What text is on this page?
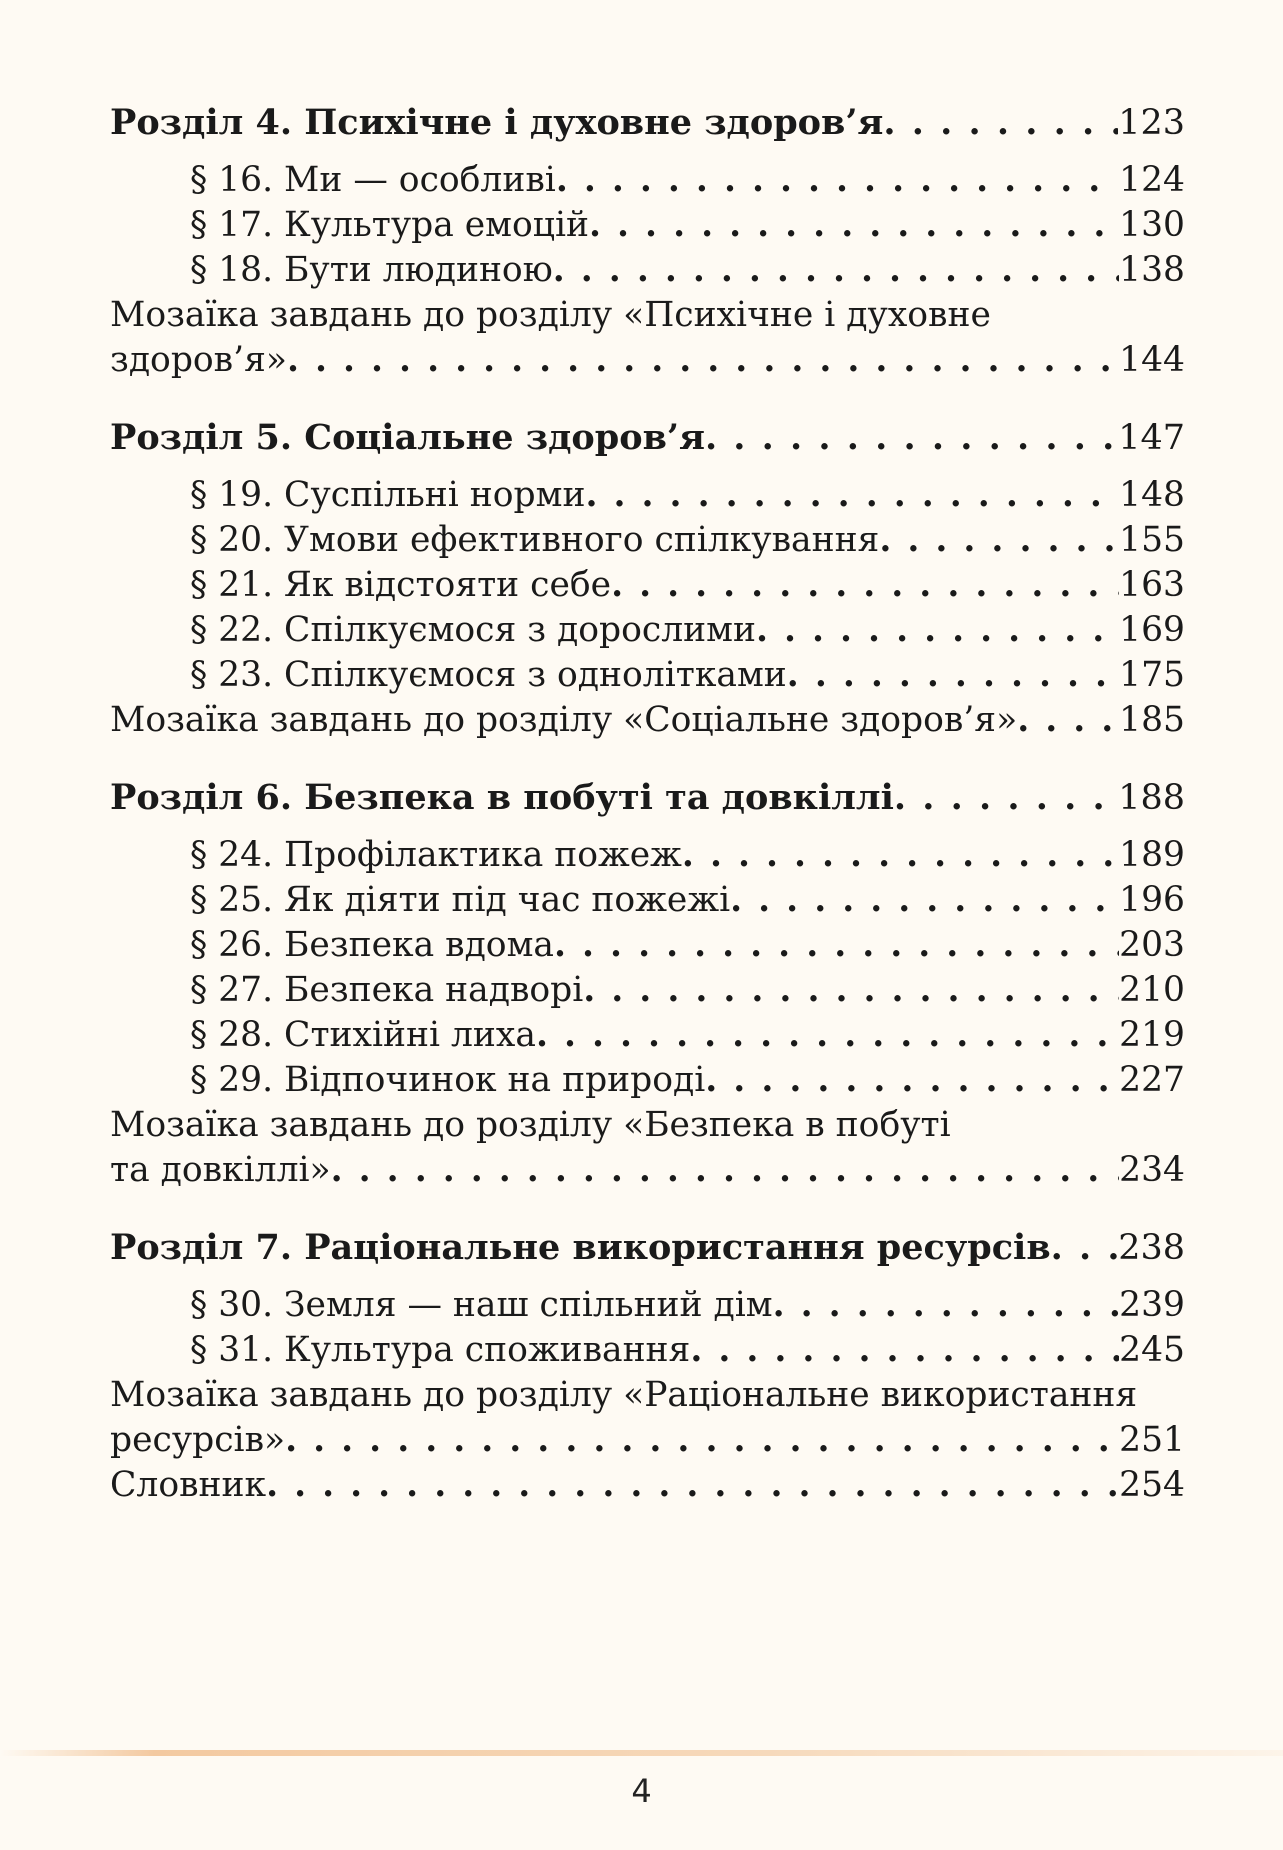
Розділ 4. Психічне і духовне здоров’я . . .	123
§ 16. Ми — особливі . . .	124
§ 17. Культура емоцій . . .	130
§ 18. Бути людиною . . .	138
Мозаїка завдань до розділу «Психічне і духовне
здоров’я» . . .	144
Розділ 5. Соціальне здоров’я . . .	147
§ 19. Суспільні норми . . .	148
§ 20. Умови ефективного спілкування . . .	155
§ 21. Як відстояти себе . . .	163
§ 22. Спілкуємося з дорослими . . .	169
§ 23. Спілкуємося з однолітками . . .	175
Мозаїка завдань до розділу «Соціальне здоров’я» . . .	185
Розділ 6. Безпека в побуті та довкіллі . . .	188
§ 24. Профілактика пожеж . . .	189
§ 25. Як діяти під час пожежі . . .	196
§ 26. Безпека вдома . . .	203
§ 27. Безпека надворі . . .	210
§ 28. Стихійні лиха . . .	219
§ 29. Відпочинок на природі . . .	227
Мозаїка завдань до розділу «Безпека в побуті
та довкіллі» . . .	234
Розділ 7. Раціональне використання ресурсів . . . 238
§ 30. Земля — наш спільний дім . . .	239
§ 31. Культура споживання . . .	245
Мозаїка завдань до розділу «Раціональне використання
ресурсів» . . .	251
Словник . . .	254
4
